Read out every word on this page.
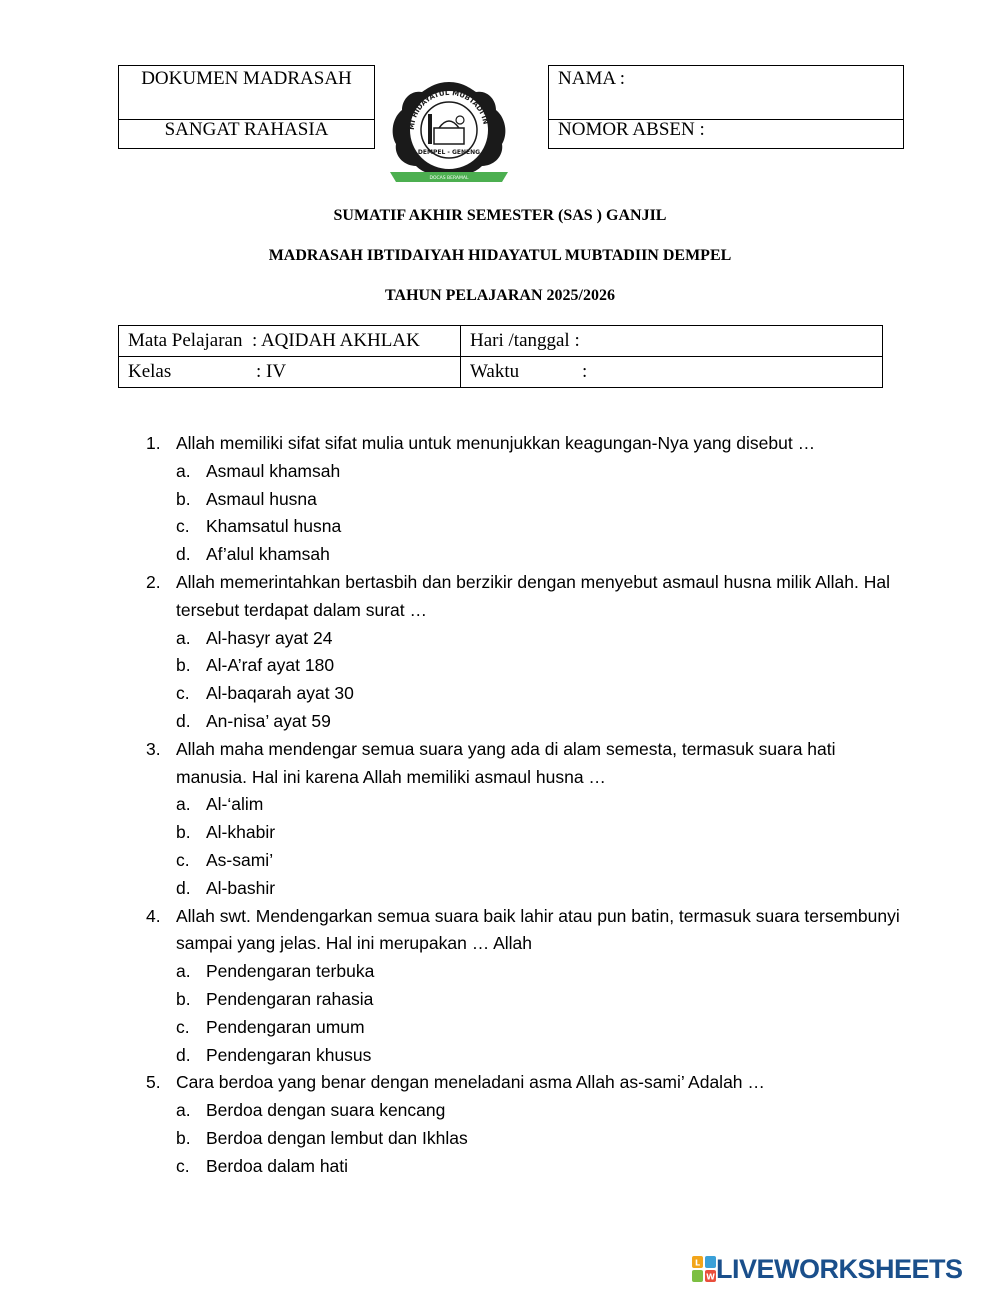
DOKUMEN MADRASAH
SANGAT RAHASIA	MI HIDAYATUL MUBTADI'IN
DEMPEL - GENENG
DOCAS BERAMAL
NAMA :
NOMOR ABSEN :
SUMATIF AKHIR SEMESTER (SAS ) GANJIL
MADRASAH IBTIDAIYAH HIDAYATUL MUBTADIIN DEMPEL
TAHUN PELAJARAN 2025/2026
Mata Pelajaran : AQIDAH AKHLAK	Hari /tanggal :
Kelas : IV	Waktu :
1. Allah memiliki sifat sifat mulia untuk menunjukkan keagungan-Nya yang disebut …
a. Asmaul khamsah
b. Asmaul husna
c. Khamsatul husna
d. Af’alul khamsah
2. Allah memerintahkan bertasbih dan berzikir dengan menyebut asmaul husna milik Allah. Hal tersebut terdapat dalam surat …
a. Al-hasyr ayat 24
b. Al-A’raf ayat 180
c. Al-baqarah ayat 30
d. An-nisa’ ayat 59
3. Allah maha mendengar semua suara yang ada di alam semesta, termasuk suara hati manusia. Hal ini karena Allah memiliki asmaul husna …
a. Al-‘alim
b. Al-khabir
c. As-sami’
d. Al-bashir
4. Allah swt. Mendengarkan semua suara baik lahir atau pun batin, termasuk suara tersembunyi sampai yang jelas. Hal ini merupakan … Allah
a. Pendengaran terbuka
b. Pendengaran rahasia
c. Pendengaran umum
d. Pendengaran khusus
5. Cara berdoa yang benar dengan meneladani asma Allah as-sami’ Adalah …
a. Berdoa dengan suara kencang
b. Berdoa dengan lembut dan Ikhlas
c. Berdoa dalam hati
L
W LIVEWORKSHEETS
